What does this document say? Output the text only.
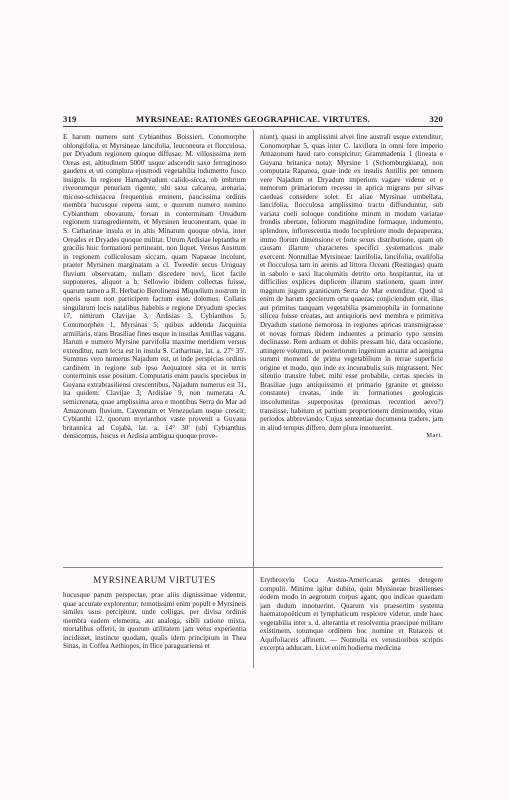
319	MYRSINEAE: RATIONES GEOGRAPHICAE. VIRTUTES.	320

E harum numero sunt Cybianthus Boissieri, Conomorphe oblongifolia, et Myrsineae lancifolia, leuconeura et flocculosa, per Dryadum regionem quoque diffusae. M. villosissima item Oreas est, altitudinem 5000' usque adscendit saxo ferruginoso gaudens et uti complura ejusmodi vegetabilia indumento fusco insignis. In regione Hamadryadum calido-sicca, ob imbrium riveorumque penuriam rigente, ubi saxa calcarea, arenaria, micoso-schistacea frequentius eminent, paucissima ordinis membra hucusque reperta sunt, e quorum numero nomino Cybianthum obovatum, forsan in conterminam Oreadum regionem transgredientem, et Myrsinen leuconeuram, quae in S. Catharinae insula et in altis Minarum quoque obvia, inter Oreades et Dryades quoque militat. Utrum Ardisiae leptantha et gracilis huic formationi pertineant, non liquet. Versus Austrum in regionem colliculosam siccam, quam Napaeae incolunt, praeter Myrsinen marginatam a cl. Tweedie secus Uruguay fluvium observatam, nullam discedere novi, licet facile supponeres, aliquot a b. Sellowio ibidem collectas fuisse, quarum tamen a R. Herbario Berolinensi Miquelium nostrum in operis usum non participem factum esse, dolemus. Collatis singularum locis natalibus habebis e regione Dryadum species 17, nimirum Clavijae 3, Ardisias 3, Cybianthos 5, Conomorphen 1, Myrsinas 5; quibus addenda Jacquinia armillaris, trans Brasiliae fines usque in insulas Antillas vagans. Harum e numero Myrsine parvifolia maxime meridiem versus extenditur, nam lecta est in insula S. Catharinae, lat. a. 27° 35'. Summus vero numerus Najadum est, ut inde perspicias ordinis cardinem in regione sub ipso Aequatore sita et in terris conterminis esse positum. Computatis enim paucis speciebus in Guyana extrabrasiliensi crescentibus, Najadum numerus est 31, ita quidem: Clavijae 3; Ardisiae 9, non numerata A. semicrenata, quae amplissima area e montibus Serra do Mar ad Amazonum fluvium, Cayennam et Venezuelam usque crescit; Cybianthi 12, quorum myrianthos vaste provenit a Guyana britannica ad Cujabà, lat. a. 14° 30' (ubi Cybianthus densicomus, fuscus et Ardisia ambigua quoque prove-

niunt), quasi in amplissimi alvei fine australi usque extenditur; Conomorphae 5, quas inter C. laxiflora in omni fere imperio Amazonum haud raro conspicitur; Grammadenia 1 (lineata e Guyana britanica nota); Myrsine 1 (Schomburgkiana), non computata Rapanea, quae inde ex insulis Antillis per omnem vere Najadum et Dryadum imperium vagare videtur et e nemorum primariorum recessu in aprica migrans per silvas caeduas consedere solet. Et aliae Myrsinae umbellata, lancifolia, flocculosa amplissimo tractu diffunduntur, sub variata coeli soloque conditione mirum in modum variatae frondis ubertate, foliorum magnitudine formaque, indumento, splendore, inflorescentia modo locupletiore modo depauperata, immo florum dimensione et forte sexus distributione, quam ob causam illarum characteres specifici systematicos male exercent. Nonnullae Myrsineae: laurifolia, lancifolia, ovalifolia et flocculosa tam in arenis ad littora Oceani (Restingas) quam in sabulo e saxi Itacolumitis detrito orto hospitantur, ita ut difficilius explices duplicem illarum stationem, quam inter magnum jugum graniticum Serra do Mar extenditur. Quod si enim de harum specierum ortu quaeras, conjiciendum erit, illas aut primitus tanquam vegetabilia psammophila in formatione silicea fuisse creatas, aut antiquioris aevi membra e primitiva Dryadum statione nemorosa in regiones apricas transmigrasse et novas formas ibidem induentes a primario typo sensim declinasse. Rem arduam et dubiis pressam hic, data occasione, attingere volumus, ut posteriorum ingenium acuatur ad aenigma summi momenti de prima vegetabilium in terrae superficie origine et modo, quo inde ex incunabulis suis migrassent. Nec silentio transire lubet, mihi esse probabile, certas species in Brasiliae jugo antiquissimo et primario (granite et gneisso constante) creatas, inde in formationes geologicas inscolumnitas superpositas (proximas recentiori aevo?) transiisse, habitum et partium proportionem diminuendo, vitae periodos abbreviando. Cujus sententiae documenta tradere, jam in aliud tempus differo, dum plura innotuerint.

Mart.
MYRSINEARUM VIRTUTES

hucusque parum perspectae, prae aliis dignissimae videntur, quae accurate explorentur; remotissimi enim populi e Myrsineis similes usus percipiunt, unde colligas, per divisa ordinis membra eadem elementa, aut analoga, sibili ratione mixta, mortalibus offerri, in quorum utilitatem jam vetus experientia incidisset, instincte quodam, qualis idem principium in Thea Sinas, in Coffea Aethiopes, in Ilice paraguariensi et

Erythroxylo Coca Austro-Americanas gentes detegere compulit. Minime igitur dubito, quin Myrsineae brasilienses eodem modo in aegrotum corpus agant, quo indicae quaedam jam dudum innotuerint. Quarum vis praesertim systema haematopoëticum et lymphaticum respicere videtur, unde haec vegetabilia inter s. d. alterantia et resolventia praecipue militare existimem, totumque ordinem hoc nomine et Rutaceis et Aquifoliaceis affinem. — Nonnulla ex vetustioribus scriptis excerpta adducam. Licet enim hodierna medicina
